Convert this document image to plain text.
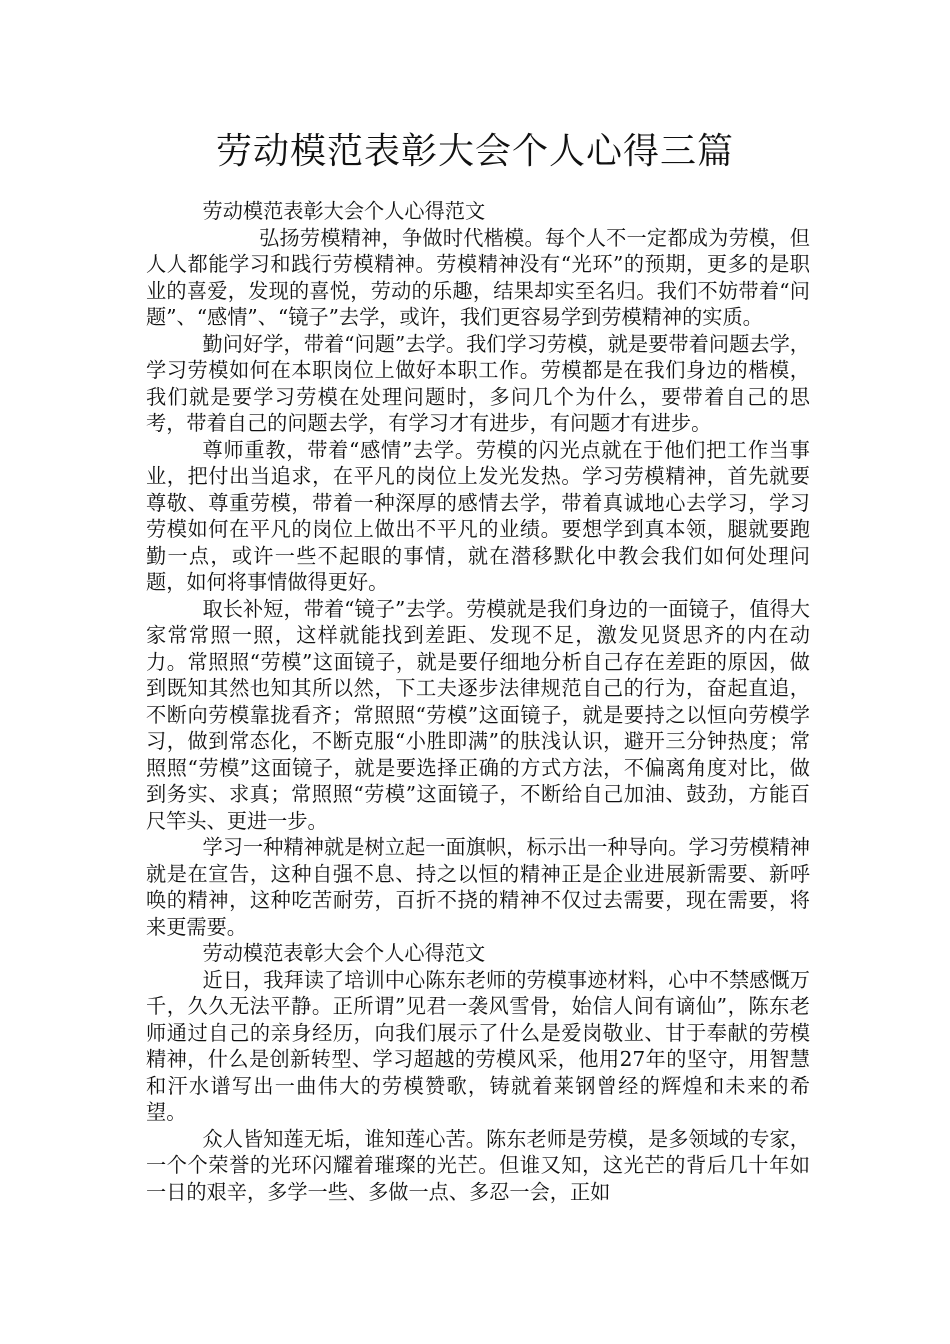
劳动模范表彰大会个人心得三篇

劳动模范表彰大会个人心得范文

弘扬劳模精神，争做时代楷模。每个人不一定都成为劳模，但人人都能学习和践行劳模精神。劳模精神没有“光环”的预期，更多的是职业的喜爱，发现的喜悦，劳动的乐趣，结果却实至名归。我们不妨带着“问题”、“感情”、“镜子”去学，或许，我们更容易学到劳模精神的实质。

勤问好学，带着“问题”去学。我们学习劳模，就是要带着问题去学，学习劳模如何在本职岗位上做好本职工作。劳模都是在我们身边的楷模，我们就是要学习劳模在处理问题时，多问几个为什么，要带着自己的思考，带着自己的问题去学，有学习才有进步，有问题才有进步。

尊师重教，带着“感情”去学。劳模的闪光点就在于他们把工作当事业，把付出当追求，在平凡的岗位上发光发热。学习劳模精神，首先就要尊敬、尊重劳模，带着一种深厚的感情去学，带着真诚地心去学习，学习劳模如何在平凡的岗位上做出不平凡的业绩。要想学到真本领，腿就要跑勤一点，或许一些不起眼的事情，就在潜移默化中教会我们如何处理问题，如何将事情做得更好。

取长补短，带着“镜子”去学。劳模就是我们身边的一面镜子，值得大家常常照一照，这样就能找到差距、发现不足，激发见贤思齐的内在动力。常照照“劳模”这面镜子，就是要仔细地分析自己存在差距的原因，做到既知其然也知其所以然，下工夫逐步法律规范自己的行为，奋起直追，不断向劳模靠拢看齐；常照照“劳模”这面镜子，就是要持之以恒向劳模学习，做到常态化，不断克服“小胜即满”的肤浅认识，避开三分钟热度；常照照“劳模”这面镜子，就是要选择正确的方式方法，不偏离角度对比，做到务实、求真；常照照“劳模”这面镜子，不断给自己加油、鼓劲，方能百尺竿头、更进一步。

学习一种精神就是树立起一面旗帜，标示出一种导向。学习劳模精神就是在宣告，这种自强不息、持之以恒的精神正是企业进展新需要、新呼唤的精神，这种吃苦耐劳，百折不挠的精神不仅过去需要，现在需要，将来更需要。

劳动模范表彰大会个人心得范文

近日，我拜读了培训中心陈东老师的劳模事迹材料，心中不禁感慨万千，久久无法平静。正所谓”见君一袭风雪骨，始信人间有谪仙”，陈东老师通过自己的亲身经历，向我们展示了什么是爱岗敬业、甘于奉献的劳模精神，什么是创新转型、学习超越的劳模风采，他用27年的坚守，用智慧和汗水谱写出一曲伟大的劳模赞歌，铸就着莱钢曾经的辉煌和未来的希望。

众人皆知莲无垢，谁知莲心苦。陈东老师是劳模，是多领域的专家，一个个荣誉的光环闪耀着璀璨的光芒。但谁又知，这光芒的背后几十年如一日的艰辛，多学一些、多做一点、多忍一会，正如
